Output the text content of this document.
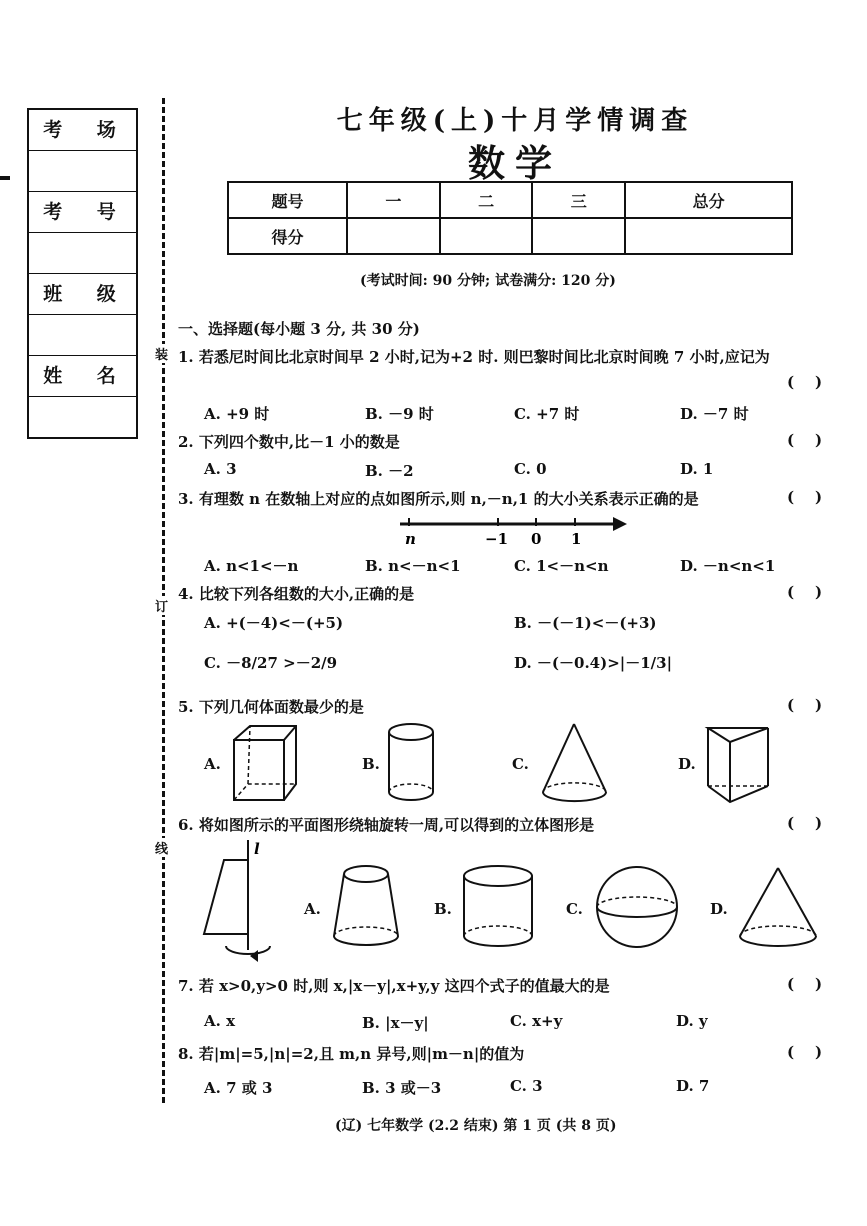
考 场
考 号
班 级
姓 名
装
订
线
七年级(上)十月学情调查
数学
题号	一	二	三	总分
得分				
(考试时间: 90 分钟; 试卷满分: 120 分)
一、选择题(每小题 3 分, 共 30 分)
1. 若悉尼时间比北京时间早 2 小时,记为+2 时. 则巴黎时间比北京时间晚 7 小时,应记为
(    )
A. +9 时	B. －9 时	C. +7 时	D. －7 时
2. 下列四个数中,比－1 小的数是	(    )
A. 3	B. －2	C. 0	D. 1
3. 有理数 n 在数轴上对应的点如图所示,则 n,－n,1 的大小关系表示正确的是	(    )
n	−1 0 1
A. n<1<－n	B. n<－n<1	C. 1<－n<n	D. －n<n<1
4. 比较下列各组数的大小,正确的是	(    )
A. +(－4)<－(+5)	B. －(－1)<－(+3)
C. －8/27 >－2/9	D. －(－0.4)>|－1/3|
5. 下列几何体面数最少的是	(    )
A.	B.	C.	D.
6. 将如图所示的平面图形绕轴旋转一周,可以得到的立体图形是	(    )
l
A.	B.	C.	D.
7. 若 x>0,y>0 时,则 x,|x－y|,x+y,y 这四个式子的值最大的是	(    )
A. x	B. |x－y|	C. x+y	D. y
8. 若|m|=5,|n|=2,且 m,n 异号,则|m－n|的值为	(    )
A. 7 或 3	B. 3 或－3	C. 3	D. 7
(辽) 七年数学 (2.2 结束) 第 1 页 (共 8 页)
